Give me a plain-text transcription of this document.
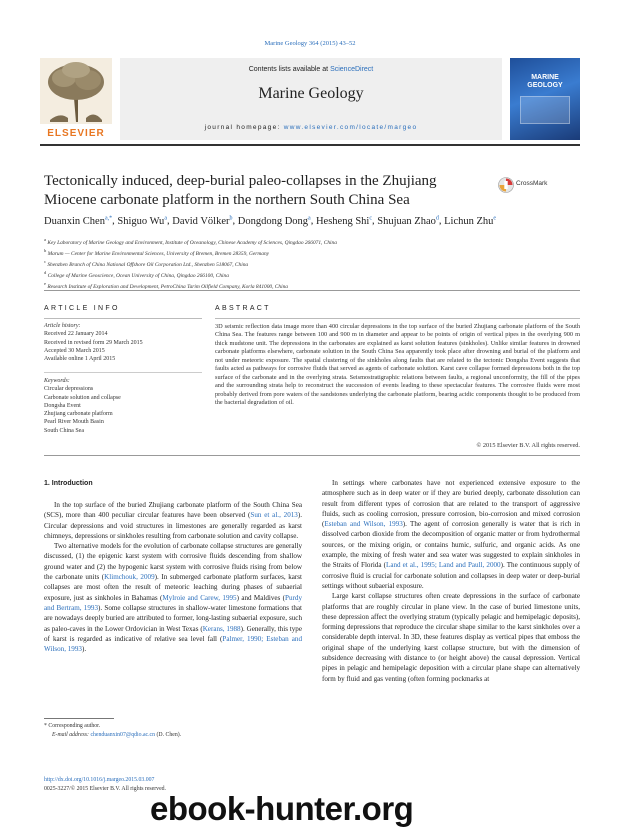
Marine Geology 364 (2015) 43–52
ELSEVIER
Contents lists available at ScienceDirect
Marine Geology
journal homepage: www.elsevier.com/locate/margeo
MARINE GEOLOGY
Tectonically induced, deep-burial paleo-collapses in the Zhujiang
Miocene carbonate platform in the northern South China Sea
CrossMark
Duanxin Chen$^{a,*}$, Shiguo Wu$^a$, David Völker$^b$, Dongdong Dong$^a$, Hesheng Shi$^c$, Shujuan Zhao$^d$, Lichun Zhu$^e$
$^a$ Key Laboratory of Marine Geology and Environment, Institute of Oceanology, Chinese Academy of Sciences, Qingdao 266071, China
$^b$ Marum — Center for Marine Environmental Sciences, University of Bremen, Bremen 28359, Germany
$^c$ Shenzhen Branch of China National Offshore Oil Corporation Ltd., Shenzhen 518067, China
$^d$ College of Marine Geoscience, Ocean University of China, Qingdao 266100, China
$^e$ Research Institute of Exploration and Development, PetroChina Tarim Oilfield Company, Korla 841000, China
ARTICLE INFO	ABSTRACT
Article history:
Received 22 January 2014
Received in revised form 29 March 2015
Accepted 30 March 2015
Available online 1 April 2015
Keywords:
Circular depressions
Carbonate solution and collapse
Dongsha Event
Zhujiang carbonate platform
Pearl River Mouth Basin
South China Sea
3D seismic reflection data image more than 400 circular depressions in the top surface of the buried Zhujiang carbonate platform of the South China Sea. The features range between 100 and 900 m in diameter and appear to be points of origin of vertical pipes in the overlying 900 m thick mudstone unit. The depressions in the carbonates are explained as karst solution features (sinkholes). Unlike similar features in drowned carbonate platforms elsewhere, carbonate solution in the South China Sea apparently took place after drowning and burial of the platform and not under meteoric exposure. The spatial clustering of the sinkholes along faults that are related to the tectonic Dongsha Event suggests that faults acted as pathways for corrosive fluids that served as agents of carbonate solution. Karst cave collapse formed depressions both in the top surface of the carbonate and in the overlying strata. Seismostratigraphic relations between faults, a regional unconformity, the fill of the pipes and the surrounding strata help to reconstruct the succession of events leading to these spectacular features. The corrosive fluids were most probably derived from pore waters of the sandstones underlying the carbonate platform, bearing acidic components thought to be produced from the bacterial degradation of oil.
© 2015 Elsevier B.V. All rights reserved.
1. Introduction

In the top surface of the buried Zhujiang carbonate platform of the South China Sea (SCS), more than 400 peculiar circular features have been observed (Sun et al., 2013). Circular depressions and void structures in limestones are generally regarded as karst chimneys, depressions or sinkholes resulting from carbonate solution and cavity collapse.

Two alternative models for the evolution of carbonate collapse structures are generally discussed, (1) the epigenic karst system with corrosive fluids descending from shallow ground water and (2) the hypogenic karst system with corrosive fluids rising from below the carbonate units (Klimchouk, 2009). In submerged carbonate platform surfaces, karst collapses are most often the result of meteoric leaching during phases of subaerial exposure, just as sinkholes in Bahamas (Mylroie and Carew, 1995) and Maldives (Purdy and Bertram, 1993). Some collapse structures in shallow-water limestone formations that are nowadays deeply buried are attributed to former, long-lasting subaerial exposure, such as paleo-caves in the Lower Ordovician in West Texas (Kerans, 1988). Generally, this type of karst is regarded as indicative of relative sea level fall (Palmer, 1990; Esteban and Wilson, 1993).

In settings where carbonates have not experienced extensive exposure to the atmosphere such as in deep water or if they are buried deeply, carbonate dissolution can result from different types of corrosion that are related to the transport of aggressive fluids, such as cooling corrosion, pressure corrosion, bio-corrosion and mixed corrosion (Esteban and Wilson, 1993). The agent of corrosion generally is water that is rich in dissolved carbon dioxide from the decomposition of organic matter or from hydrothermal sources, or the mixing origin, or contains humic, sulfuric, and organic acids. As one example, the mixing of fresh water and sea water was suggested to explain sinkholes in the Straits of Florida (Land et al., 1995; Land and Paull, 2000). The continuous supply of corrosive fluid is crucial for carbonate solution and collapses in deep water or deep-burial settings without subaerial exposure.

Large karst collapse structures often create depressions in the surface of carbonate platforms that are roughly circular in plane view. In the case of buried limestone units, these depression affect the overlying stratum (typically pelagic and hemipelagic deposits), forming depressions that reproduce the circular shape similar to the karst sinkholes over a considerable depth interval. In 3D, these features display as vertical pipes that emboss the original shape of the underlying karst collapse structure, but with the dimension of subsidence decreasing with distance to (or height above) the causal depression. Vertical pipes in pelagic and hemipelagic deposition with a circular plane shape can alternatively form by fluid and gas venting (often forming pockmarks at

* Corresponding author.
E-mail address: chenduanxin07@qdio.ac.cn (D. Chen).
http://dx.doi.org/10.1016/j.margeo.2015.03.007
0025-3227/© 2015 Elsevier B.V. All rights reserved.
ebook-hunter.org
